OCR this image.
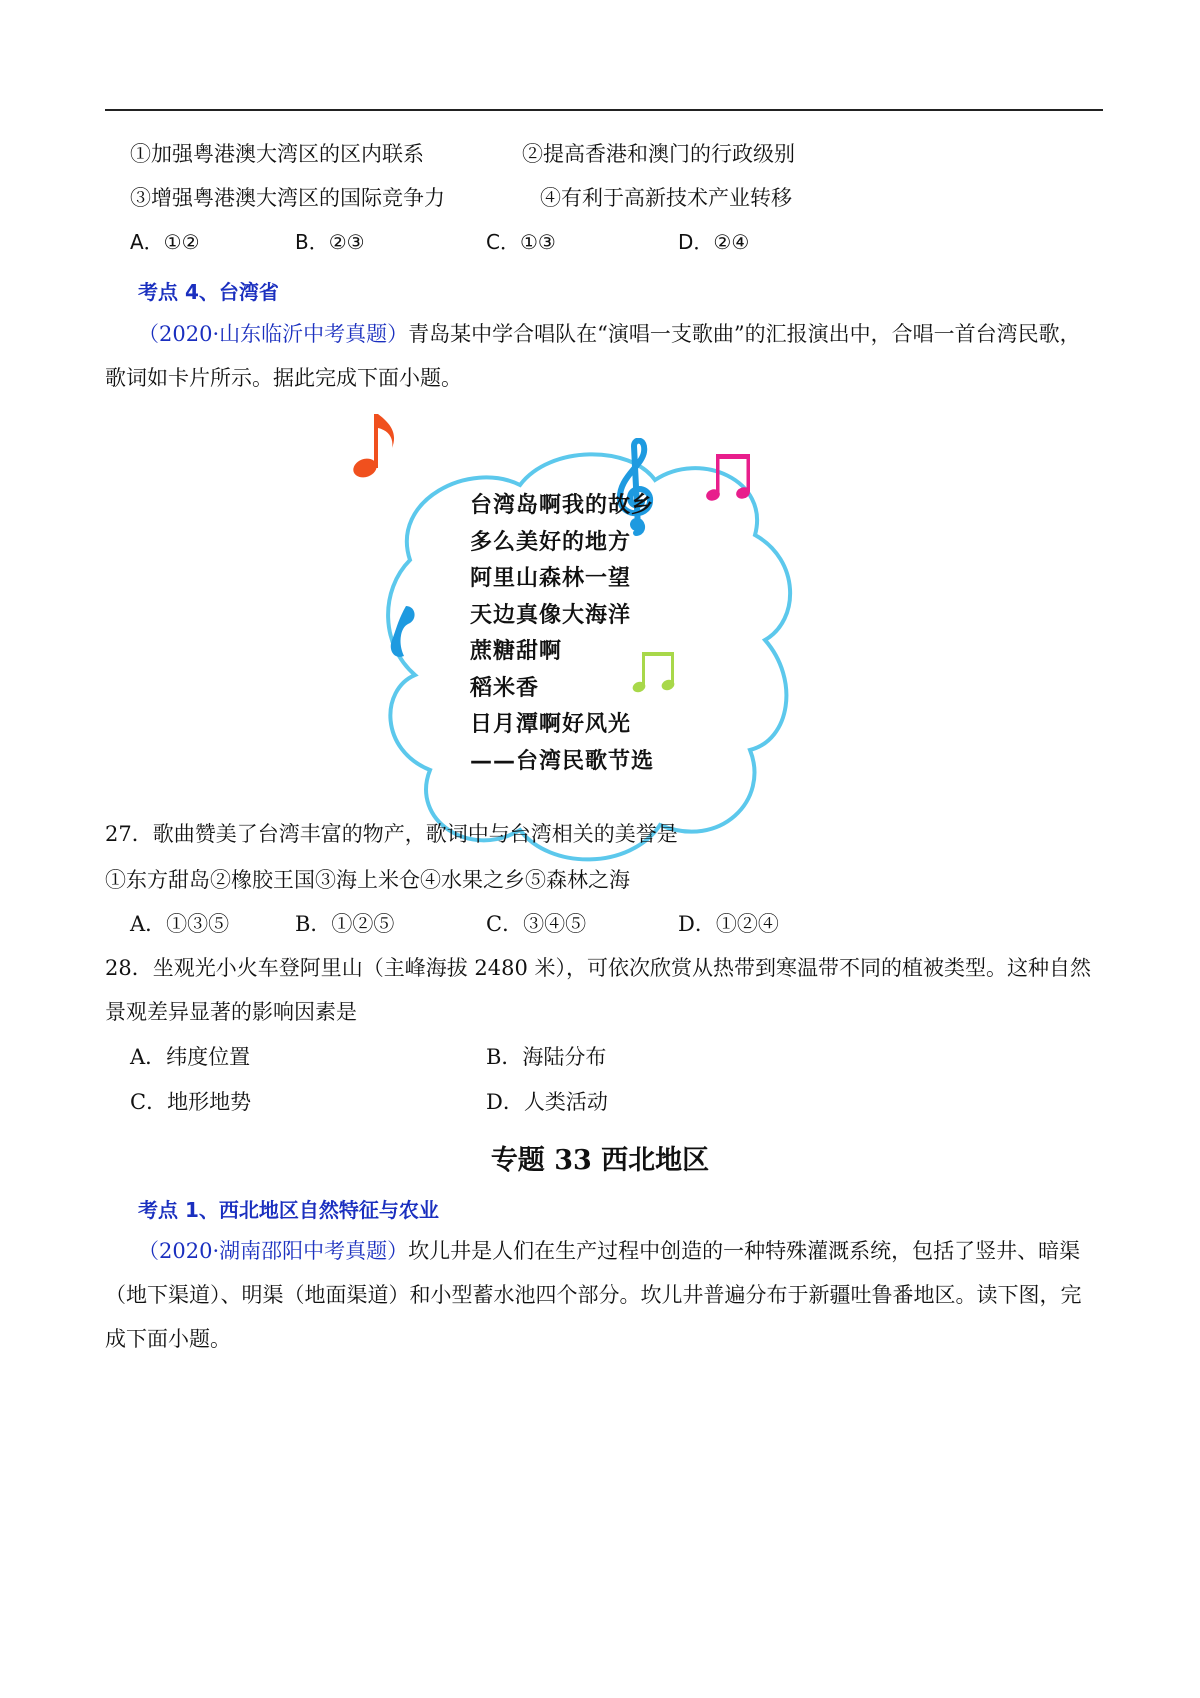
①加强粤港澳大湾区的区内联系	②提高香港和澳门的行政级别
③增强粤港澳大湾区的国际竞争力	④有利于高新技术产业转移
A．①②	B．②③	C．①③	D．②④
考点 4、台湾省
（2020·山东临沂中考真题）青岛某中学合唱队在“演唱一支歌曲”的汇报演出中，合唱一首台湾民歌，
歌词如卡片所示。据此完成下面小题。
台湾岛啊我的故乡
多么美好的地方
阿里山森林一望
天边真像大海洋
蔗糖甜啊
稻米香
日月潭啊好风光
——台湾民歌节选
27．歌曲赞美了台湾丰富的物产，歌词中与台湾相关的美誉是
①东方甜岛②橡胶王国③海上米仓④水果之乡⑤森林之海
A．①③⑤	B．①②⑤	C．③④⑤	D．①②④
28．坐观光小火车登阿里山（主峰海拔 2480 米），可依次欣赏从热带到寒温带不同的植被类型。这种自然
景观差异显著的影响因素是
A．纬度位置	B．海陆分布
C．地形地势	D．人类活动
专题 33 西北地区
考点 1、西北地区自然特征与农业
（2020·湖南邵阳中考真题）坎儿井是人们在生产过程中创造的一种特殊灌溉系统，包括了竖井、暗渠
（地下渠道）、明渠（地面渠道）和小型蓄水池四个部分。坎儿井普遍分布于新疆吐鲁番地区。读下图，完
成下面小题。
